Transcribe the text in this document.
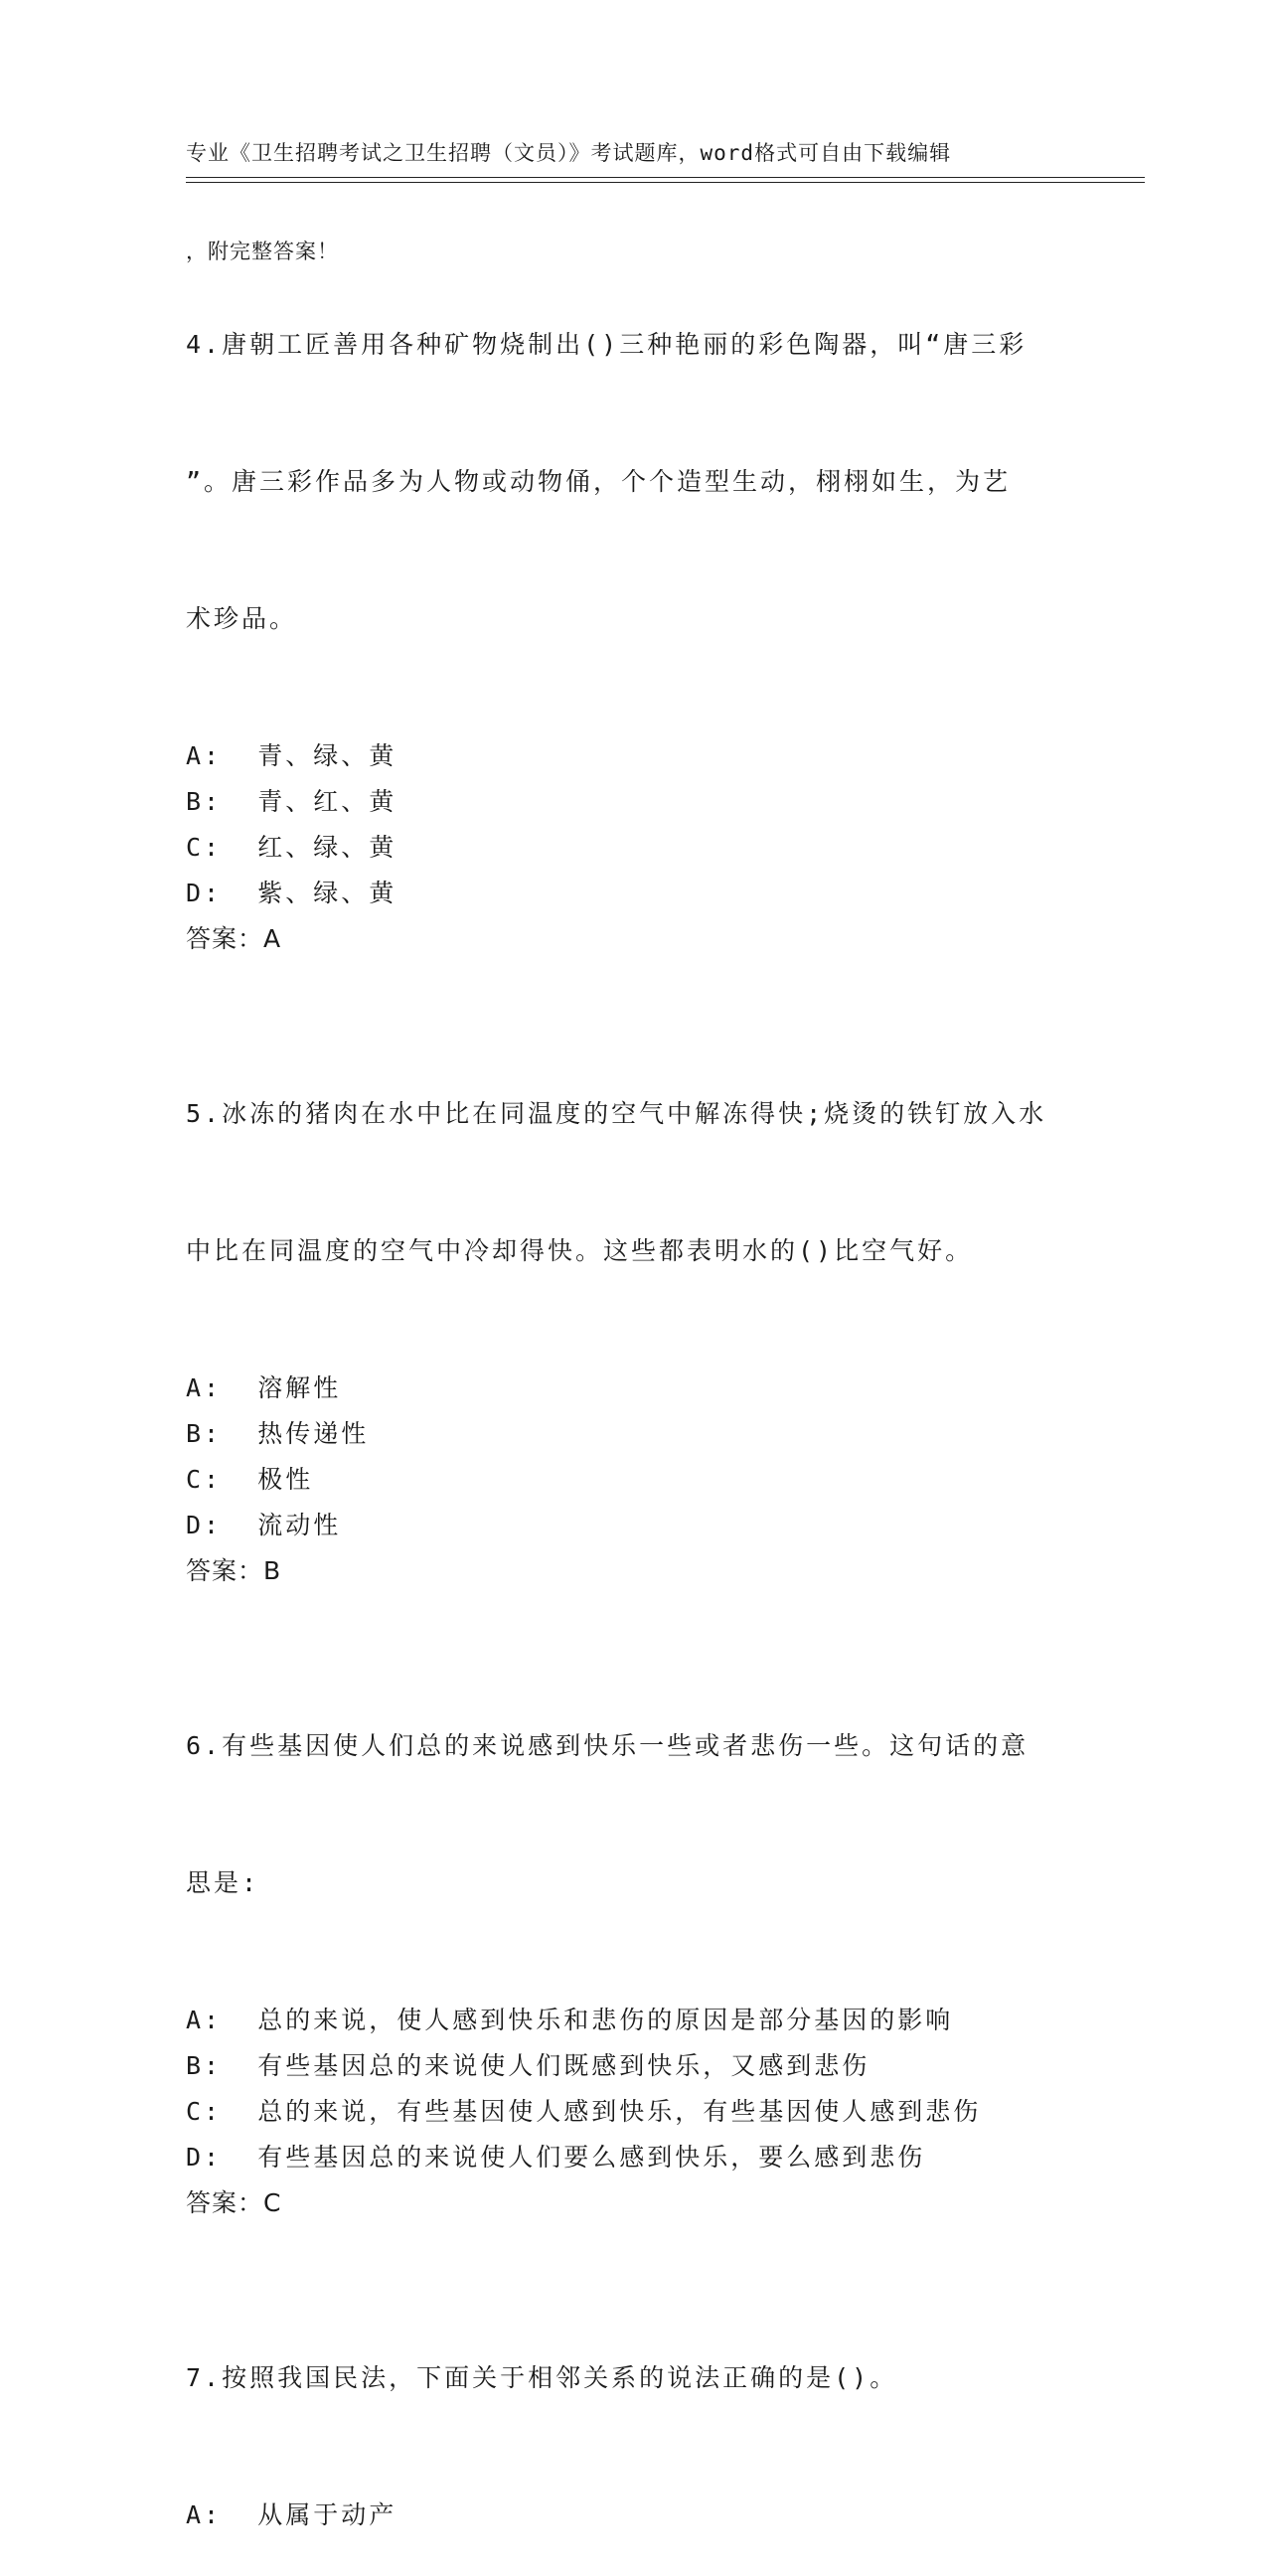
专业《卫生招聘考试之卫生招聘（文员）》考试题库，word格式可自由下载编辑

，附完整答案！

4.唐朝工匠善用各种矿物烧制出()三种艳丽的彩色陶器，叫“唐三彩

”。唐三彩作品多为人物或动物俑，个个造型生动，栩栩如生，为艺

术珍品。

A:  青、绿、黄
B:  青、红、黄
C:  红、绿、黄
D:  紫、绿、黄
答案：A

5.冰冻的猪肉在水中比在同温度的空气中解冻得快;烧烫的铁钉放入水

中比在同温度的空气中冷却得快。这些都表明水的()比空气好。

A:  溶解性
B:  热传递性
C:  极性
D:  流动性
答案：B

6.有些基因使人们总的来说感到快乐一些或者悲伤一些。这句话的意

思是:

A:  总的来说，使人感到快乐和悲伤的原因是部分基因的影响
B:  有些基因总的来说使人们既感到快乐，又感到悲伤
C:  总的来说，有些基因使人感到快乐，有些基因使人感到悲伤
D:  有些基因总的来说使人们要么感到快乐，要么感到悲伤
答案：C

7.按照我国民法，下面关于相邻关系的说法正确的是()。

A:  从属于动产
